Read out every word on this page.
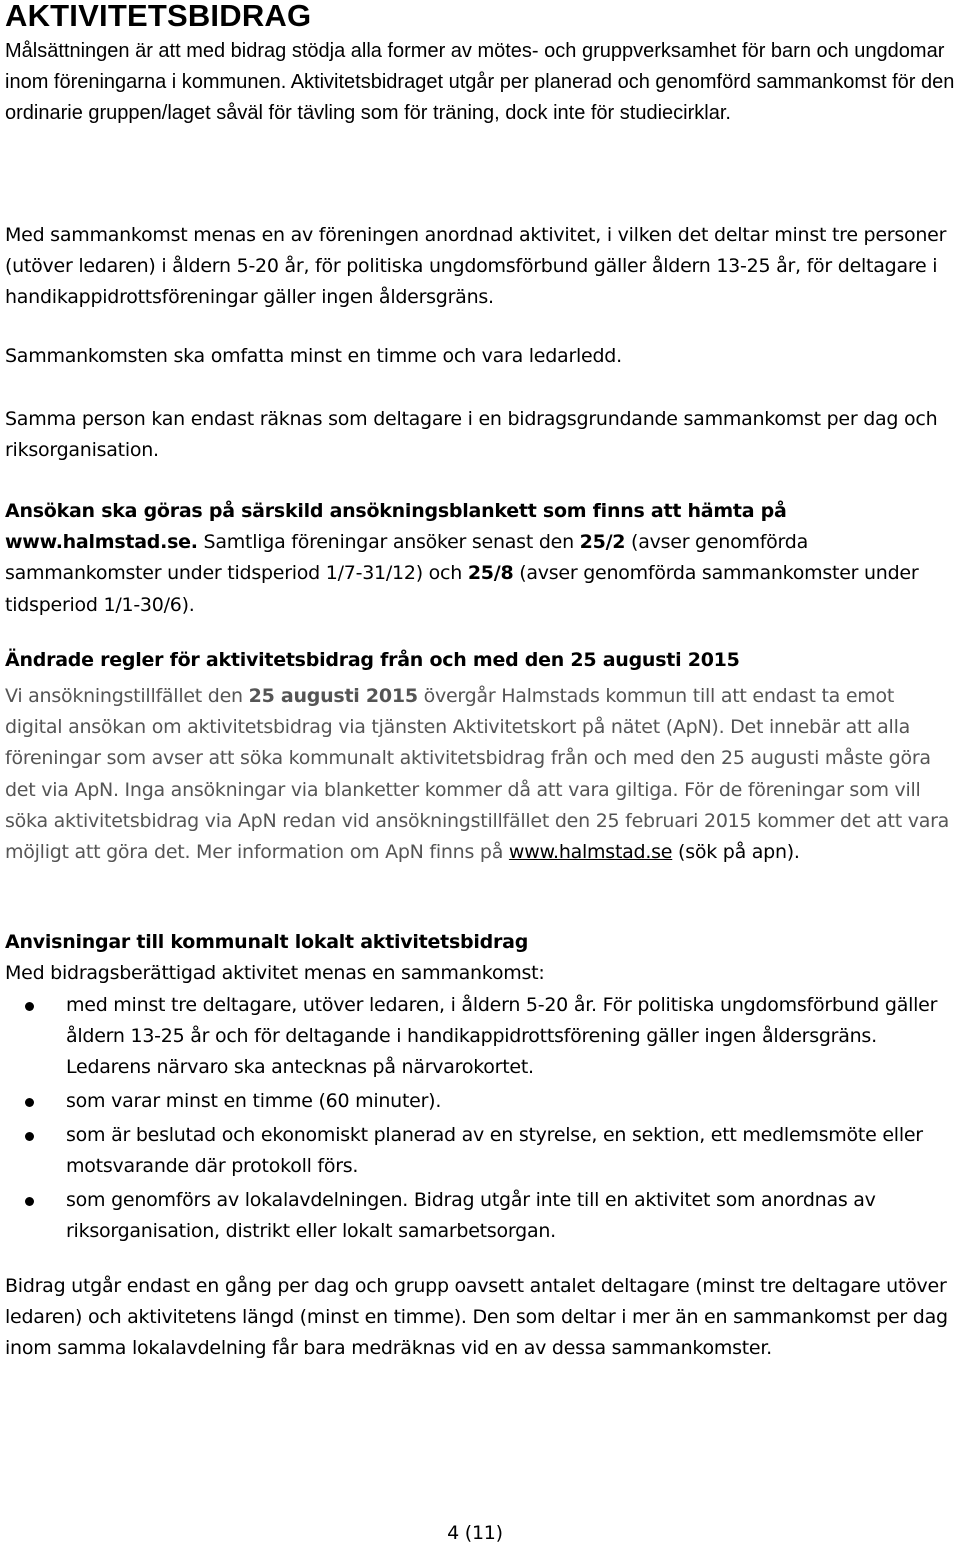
AKTIVITETSBIDRAG

Målsättningen är att med bidrag stödja alla former av mötes- och gruppverksamhet för barn och ungdomar inom föreningarna i kommunen. Aktivitetsbidraget utgår per planerad och genomförd sammankomst för den ordinarie gruppen/laget såväl för tävling som för träning, dock inte för studiecirklar.

Med sammankomst menas en av föreningen anordnad aktivitet, i vilken det deltar minst tre personer (utöver ledaren) i åldern 5-20 år, för politiska ungdomsförbund gäller åldern 13-25 år, för deltagare i handikappidrottsföreningar gäller ingen åldersgräns.

Sammankomsten ska omfatta minst en timme och vara ledarledd.

Samma person kan endast räknas som deltagare i en bidragsgrundande sammankomst per dag och riksorganisation.

Ansökan ska göras på särskild ansökningsblankett som finns att hämta på www.halmstad.se. Samtliga föreningar ansöker senast den 25/2 (avser genomförda sammankomster under tidsperiod 1/7-31/12) och 25/8 (avser genomförda sammankomster under tidsperiod 1/1-30/6).

Ändrade regler för aktivitetsbidrag från och med den 25 augusti 2015

Vi ansökningstillfället den 25 augusti 2015 övergår Halmstads kommun till att endast ta emot digital ansökan om aktivitetsbidrag via tjänsten Aktivitetskort på nätet (ApN). Det innebär att alla föreningar som avser att söka kommunalt aktivitetsbidrag från och med den 25 augusti måste göra det via ApN. Inga ansökningar via blanketter kommer då att vara giltiga. För de föreningar som vill söka aktivitetsbidrag via ApN redan vid ansökningstillfället den 25 februari 2015 kommer det att vara möjligt att göra det. Mer information om ApN finns på www.halmstad.se (sök på apn).

Anvisningar till kommunalt lokalt aktivitetsbidrag
Med bidragsberättigad aktivitet menas en sammankomst:
med minst tre deltagare, utöver ledaren, i åldern 5-20 år. För politiska ungdomsförbund gäller åldern 13-25 år och för deltagande i handikappidrottsförening gäller ingen åldersgräns. Ledarens närvaro ska antecknas på närvarokortet.
som varar minst en timme (60 minuter).
som är beslutad och ekonomiskt planerad av en styrelse, en sektion, ett medlemsmöte eller motsvarande där protokoll förs.
som genomförs av lokalavdelningen. Bidrag utgår inte till en aktivitet som anordnas av riksorganisation, distrikt eller lokalt samarbetsorgan.

Bidrag utgår endast en gång per dag och grupp oavsett antalet deltagare (minst tre deltagare utöver ledaren) och aktivitetens längd (minst en timme). Den som deltar i mer än en sammankomst per dag inom samma lokalavdelning får bara medräknas vid en av dessa sammankomster.

4 (11)
